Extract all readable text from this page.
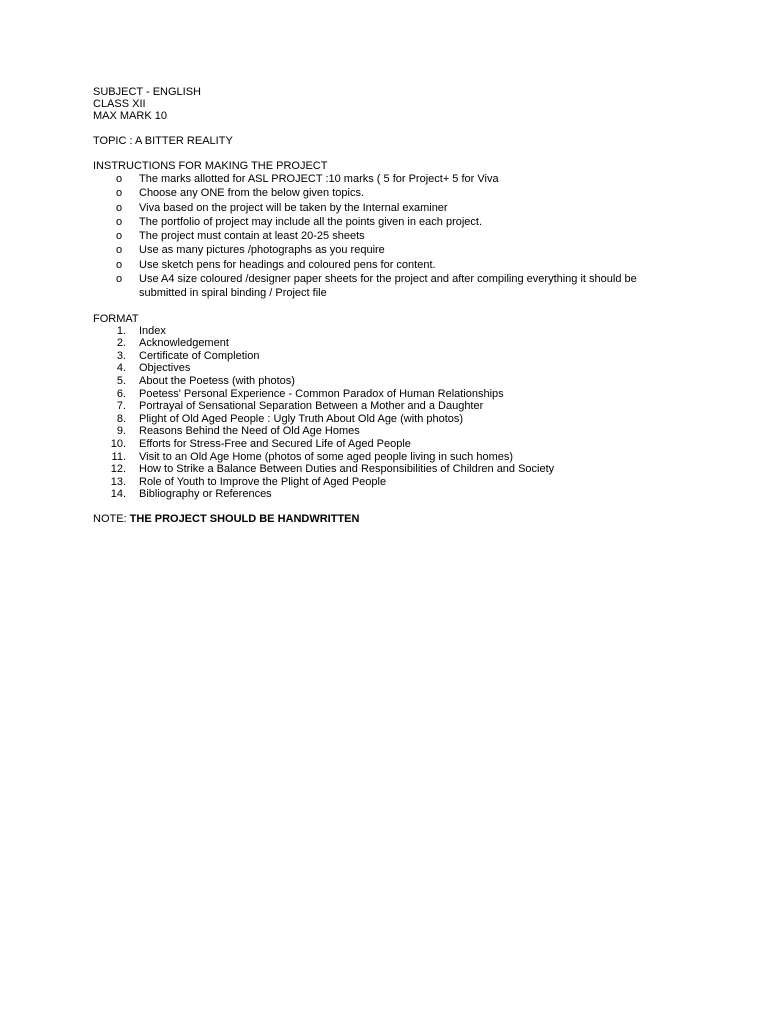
SUBJECT - ENGLISH
CLASS XII
MAX MARK 10
TOPIC : A BITTER REALITY
INSTRUCTIONS FOR MAKING THE PROJECT
o The marks allotted for ASL PROJECT :10 marks ( 5 for Project+ 5 for Viva
o Choose any ONE from the below given topics.
o Viva based on the project will be taken by the Internal examiner
o The portfolio of project may include all the points given in each project.
o The project must contain at least 20-25 sheets
o Use as many pictures /photographs as you require
o Use sketch pens for headings and coloured pens for content.
o Use A4 size coloured /designer paper sheets for the project and after compiling everything it should be submitted in spiral binding / Project file
FORMAT
1. Index
2. Acknowledgement
3. Certificate of Completion
4. Objectives
5. About the Poetess (with photos)
6. Poetess' Personal Experience - Common Paradox of Human Relationships
7. Portrayal of Sensational Separation Between a Mother and a Daughter
8. Plight of Old Aged People : Ugly Truth About Old Age (with photos)
9. Reasons Behind the Need of Old Age Homes
10. Efforts for Stress-Free and Secured Life of Aged People
11. Visit to an Old Age Home (photos of some aged people living in such homes)
12. How to Strike a Balance Between Duties and Responsibilities of Children and Society
13. Role of Youth to Improve the Plight of Aged People
14. Bibliography or References
NOTE: THE PROJECT SHOULD BE HANDWRITTEN
